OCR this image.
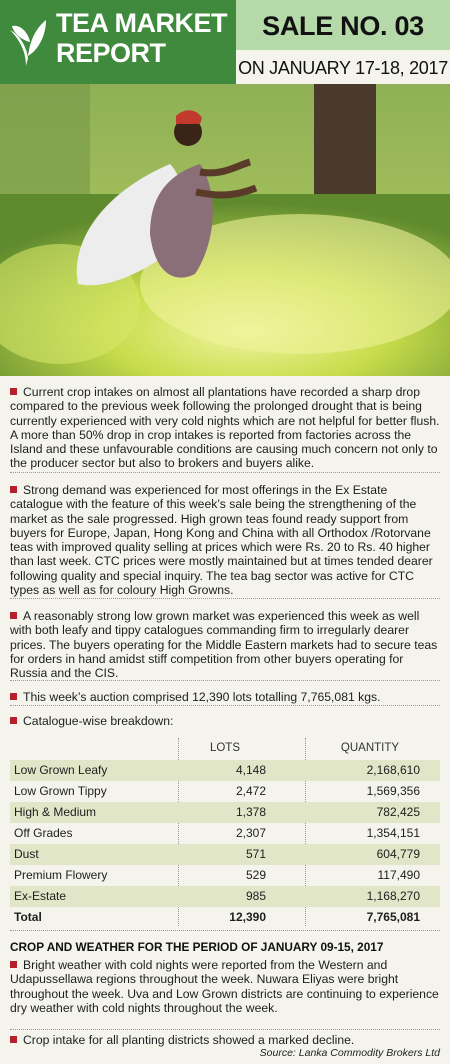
TEA MARKET
REPORT
SALE NO. 03
ON JANUARY 17-18, 2017
Current crop intakes on almost all plantations have recorded a sharp drop compared to the previous week following the prolonged drought that is being currently experienced with very cold nights which are not helpful for better flush. A more than 50% drop in crop intakes is reported from factories across the Island and these unfavourable conditions are causing much concern not only to the producer sector but also to brokers and buyers alike.
Strong demand was experienced for most offerings in the Ex Estate catalogue with the feature of this week’s sale being the strengthening of the market as the sale progressed. High grown teas found ready support from buyers for Europe, Japan, Hong Kong and China with all Orthodox /Rotorvane teas with improved quality selling at prices which were Rs. 20 to Rs. 40 higher than last week. CTC prices were mostly maintained but at times tended dearer following quality and special inquiry. The tea bag sector was active for CTC types as well as for coloury High Growns.
A reasonably strong low grown market was experienced this week as well with both leafy and tippy catalogues commanding firm to irregularly dearer prices. The buyers operating for the Middle Eastern markets had to secure teas for orders in hand amidst stiff competition from other buyers operating for Russia and the CIS.
This week’s auction comprised 12,390 lots totalling 7,765,081 kgs.
Catalogue-wise breakdown:
LOTS	QUANTITY
Low Grown Leafy	4,148	2,168,610
Low Grown Tippy	2,472	1,569,356
High & Medium	1,378	782,425
Off Grades	2,307	1,354,151
Dust	571	604,779
Premium Flowery	529	117,490
Ex-Estate	985	1,168,270
Total	12,390	7,765,081
CROP AND WEATHER FOR THE PERIOD OF JANUARY 09-15, 2017
Bright weather with cold nights were reported from the Western and Udapussellawa regions throughout the week. Nuwara Eliyas were bright throughout the week. Uva and Low Grown districts are continuing to experience dry weather with cold nights throughout the week.
Crop intake for all planting districts showed a marked decline.
Source: Lanka Commodity Brokers Ltd
